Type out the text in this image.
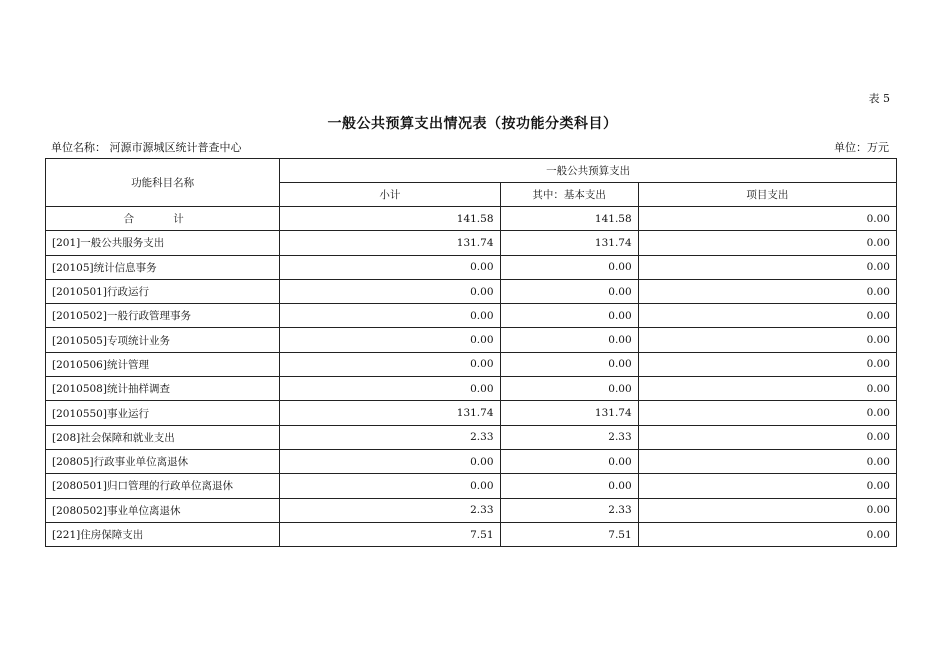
表 5
一般公共预算支出情况表（按功能分类科目）
单位名称： 河源市源城区统计普查中心	单位：万元
功能科目名称	一般公共预算支出		
	小计	其中：基本支出	项目支出
合 计	141.58	141.58	0.00
[201]一般公共服务支出	131.74	131.74	0.00
[20105]统计信息事务	0.00	0.00	0.00
[2010501]行政运行	0.00	0.00	0.00
[2010502]一般行政管理事务	0.00	0.00	0.00
[2010505]专项统计业务	0.00	0.00	0.00
[2010506]统计管理	0.00	0.00	0.00
[2010508]统计抽样调查	0.00	0.00	0.00
[2010550]事业运行	131.74	131.74	0.00
[208]社会保障和就业支出	2.33	2.33	0.00
[20805]行政事业单位离退休	0.00	0.00	0.00
[2080501]归口管理的行政单位离退休	0.00	0.00	0.00
[2080502]事业单位离退休	2.33	2.33	0.00
[221]住房保障支出	7.51	7.51	0.00
